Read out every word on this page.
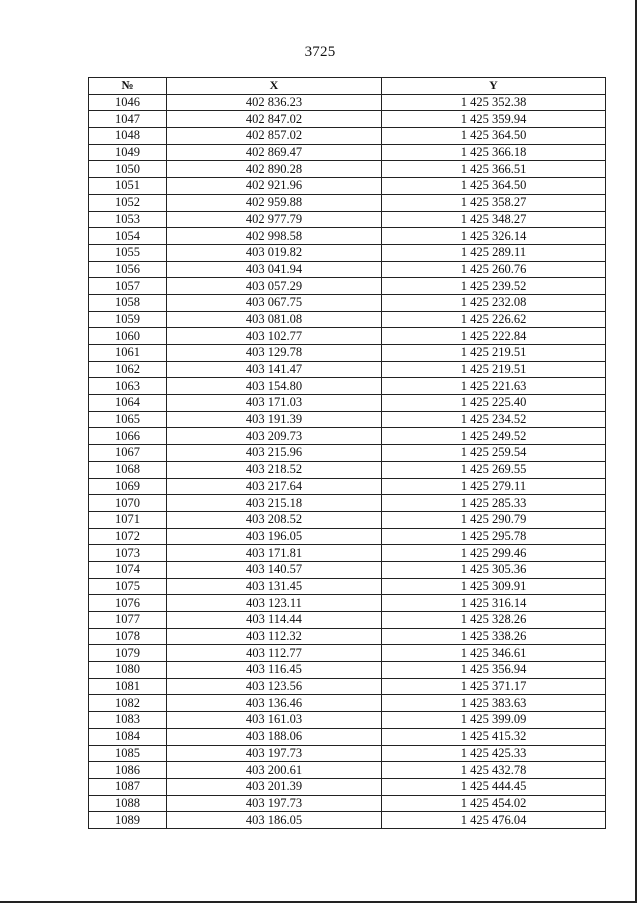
3725
№	X	Y
1046	402 836.23	1 425 352.38
1047	402 847.02	1 425 359.94
1048	402 857.02	1 425 364.50
1049	402 869.47	1 425 366.18
1050	402 890.28	1 425 366.51
1051	402 921.96	1 425 364.50
1052	402 959.88	1 425 358.27
1053	402 977.79	1 425 348.27
1054	402 998.58	1 425 326.14
1055	403 019.82	1 425 289.11
1056	403 041.94	1 425 260.76
1057	403 057.29	1 425 239.52
1058	403 067.75	1 425 232.08
1059	403 081.08	1 425 226.62
1060	403 102.77	1 425 222.84
1061	403 129.78	1 425 219.51
1062	403 141.47	1 425 219.51
1063	403 154.80	1 425 221.63
1064	403 171.03	1 425 225.40
1065	403 191.39	1 425 234.52
1066	403 209.73	1 425 249.52
1067	403 215.96	1 425 259.54
1068	403 218.52	1 425 269.55
1069	403 217.64	1 425 279.11
1070	403 215.18	1 425 285.33
1071	403 208.52	1 425 290.79
1072	403 196.05	1 425 295.78
1073	403 171.81	1 425 299.46
1074	403 140.57	1 425 305.36
1075	403 131.45	1 425 309.91
1076	403 123.11	1 425 316.14
1077	403 114.44	1 425 328.26
1078	403 112.32	1 425 338.26
1079	403 112.77	1 425 346.61
1080	403 116.45	1 425 356.94
1081	403 123.56	1 425 371.17
1082	403 136.46	1 425 383.63
1083	403 161.03	1 425 399.09
1084	403 188.06	1 425 415.32
1085	403 197.73	1 425 425.33
1086	403 200.61	1 425 432.78
1087	403 201.39	1 425 444.45
1088	403 197.73	1 425 454.02
1089	403 186.05	1 425 476.04
